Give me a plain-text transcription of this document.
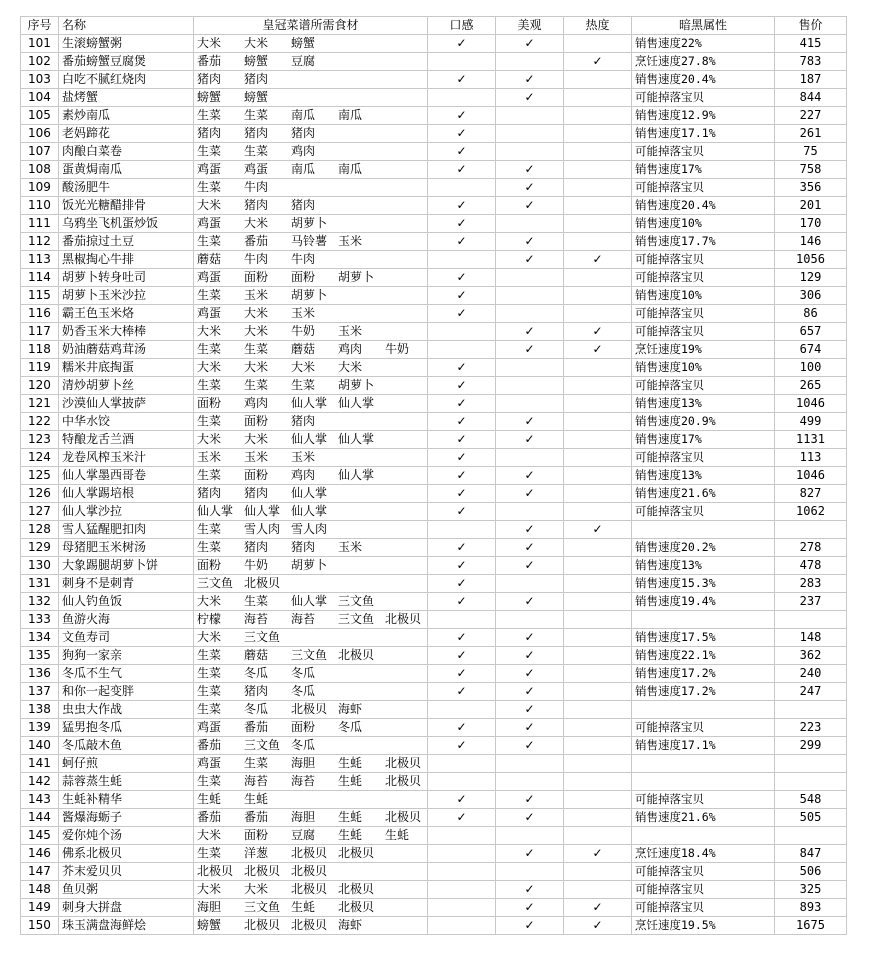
序号	名称	皇冠菜谱所需食材					口感	美观	热度	暗黑属性	售价
101	生滚螃蟹粥	大米	大米	螃蟹			✓	✓		销售速度22%	415
102	番茄螃蟹豆腐煲	番茄	螃蟹	豆腐					✓	烹饪速度27.8%	783
103	白吃不腻红烧肉	猪肉	猪肉				✓	✓		销售速度20.4%	187
104	盐烤蟹	螃蟹	螃蟹					✓		可能掉落宝贝	844
105	素炒南瓜	生菜	生菜	南瓜	南瓜		✓			销售速度12.9%	227
106	老妈蹄花	猪肉	猪肉	猪肉			✓			销售速度17.1%	261
107	肉酿白菜卷	生菜	生菜	鸡肉			✓			可能掉落宝贝	75
108	蛋黄焗南瓜	鸡蛋	鸡蛋	南瓜	南瓜		✓	✓		销售速度17%	758
109	酸汤肥牛	生菜	牛肉					✓		可能掉落宝贝	356
110	饭光光糖醋排骨	大米	猪肉	猪肉			✓	✓		销售速度20.4%	201
111	乌鸦坐飞机蛋炒饭	鸡蛋	大米	胡萝卜			✓			销售速度10%	170
112	番茄掠过土豆	生菜	番茄	马铃薯	玉米		✓	✓		销售速度17.7%	146
113	黑椒掏心牛排	蘑菇	牛肉	牛肉				✓	✓	可能掉落宝贝	1056
114	胡萝卜转身吐司	鸡蛋	面粉	面粉	胡萝卜		✓			可能掉落宝贝	129
115	胡萝卜玉米沙拉	生菜	玉米	胡萝卜			✓			销售速度10%	306
116	霸王色玉米烙	鸡蛋	大米	玉米			✓			可能掉落宝贝	86
117	奶香玉米大棒棒	大米	大米	牛奶	玉米			✓	✓	可能掉落宝贝	657
118	奶油蘑菇鸡茸汤	生菜	生菜	蘑菇	鸡肉	牛奶		✓	✓	烹饪速度19%	674
119	糯米井底掏蛋	大米	大米	大米	大米		✓			销售速度10%	100
120	清炒胡萝卜丝	生菜	生菜	生菜	胡萝卜		✓			可能掉落宝贝	265
121	沙漠仙人掌披萨	面粉	鸡肉	仙人掌	仙人掌		✓			销售速度13%	1046
122	中华水饺	生菜	面粉	猪肉			✓	✓		销售速度20.9%	499
123	特酿龙舌兰酒	大米	大米	仙人掌	仙人掌		✓	✓		销售速度17%	1131
124	龙卷风榨玉米汁	玉米	玉米	玉米			✓			可能掉落宝贝	113
125	仙人掌墨西哥卷	生菜	面粉	鸡肉	仙人掌		✓	✓		销售速度13%	1046
126	仙人掌踢培根	猪肉	猪肉	仙人掌			✓	✓		销售速度21.6%	827
127	仙人掌沙拉	仙人掌	仙人掌	仙人掌			✓			可能掉落宝贝	1062
128	雪人猛醒肥扣肉	生菜	雪人肉	雪人肉				✓	✓		
129	母猪肥玉米树汤	生菜	猪肉	猪肉	玉米		✓	✓		销售速度20.2%	278
130	大象踢腿胡萝卜饼	面粉	牛奶	胡萝卜			✓	✓		销售速度13%	478
131	刺身不是刺青	三文鱼	北极贝				✓			销售速度15.3%	283
132	仙人钓鱼饭	大米	生菜	仙人掌	三文鱼		✓	✓		销售速度19.4%	237
133	鱼游火海	柠檬	海苔	海苔	三文鱼	北极贝					
134	文鱼寿司	大米	三文鱼				✓	✓		销售速度17.5%	148
135	狗狗一家亲	生菜	蘑菇	三文鱼	北极贝		✓	✓		销售速度22.1%	362
136	冬瓜不生气	生菜	冬瓜	冬瓜			✓	✓		销售速度17.2%	240
137	和你一起变胖	生菜	猪肉	冬瓜			✓	✓		销售速度17.2%	247
138	虫虫大作战	生菜	冬瓜	北极贝	海虾			✓			
139	猛男抱冬瓜	鸡蛋	番茄	面粉	冬瓜		✓	✓		可能掉落宝贝	223
140	冬瓜敲木鱼	番茄	三文鱼	冬瓜			✓	✓		销售速度17.1%	299
141	蚵仔煎	鸡蛋	生菜	海胆	生蚝	北极贝					
142	蒜蓉蒸生蚝	生菜	海苔	海苔	生蚝	北极贝					
143	生蚝补精华	生蚝	生蚝				✓	✓		可能掉落宝贝	548
144	酱爆海蛎子	番茄	番茄	海胆	生蚝	北极贝	✓	✓		销售速度21.6%	505
145	爱你炖个汤	大米	面粉	豆腐	生蚝	生蚝					
146	佛系北极贝	生菜	洋葱	北极贝	北极贝			✓	✓	烹饪速度18.4%	847
147	芥末爱贝贝	北极贝	北极贝	北极贝						可能掉落宝贝	506
148	鱼贝粥	大米	大米	北极贝	北极贝			✓		可能掉落宝贝	325
149	刺身大拼盘	海胆	三文鱼	生蚝	北极贝			✓	✓	可能掉落宝贝	893
150	珠玉满盘海鲜烩	螃蟹	北极贝	北极贝	海虾			✓	✓	烹饪速度19.5%	1675
